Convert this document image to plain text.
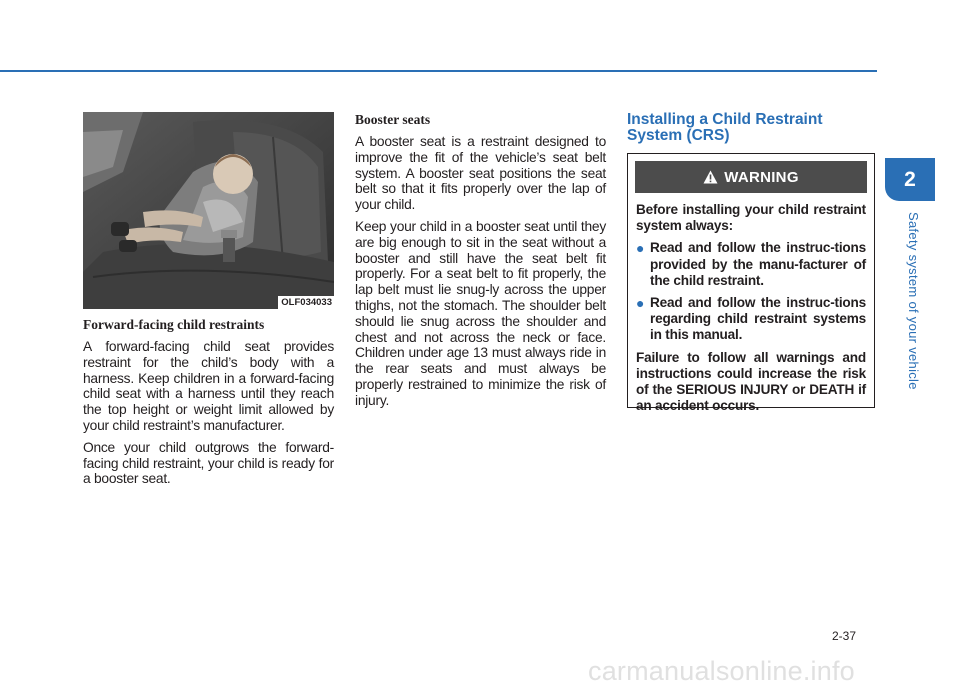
OLF034033
Forward-facing child restraints

A forward-facing child seat provides restraint for the child’s body with a harness. Keep children in a forward-facing child seat with a harness until they reach the top height or weight limit allowed by your child restraint’s manufacturer.

Once your child outgrows the forward-facing child restraint, your child is ready for a booster seat.

Booster seats

A booster seat is a restraint designed to improve the fit of the vehicle’s seat belt system. A booster seat positions the seat belt so that it fits properly over the lap of your child.

Keep your child in a booster seat until they are big enough to sit in the seat without a booster and still have the seat belt fit properly. For a seat belt to fit properly, the lap belt must lie snug-ly across the upper thighs, not the stomach. The shoulder belt should lie snug across the shoulder and chest and not across the neck or face. Children under age 13 must always ride in the rear seats and must always be properly restrained to minimize the risk of injury.

Installing a Child Restraint System (CRS)
WARNING

Before installing your child restraint system always:

● Read and follow the instruc-tions provided by the manu-facturer of the child restraint.
● Read and follow the instruc-tions regarding child restraint systems in this manual.

Failure to follow all warnings and instructions could increase the risk of the SERIOUS INJURY or DEATH if an accident occurs.

2
Safety system of your vehicle
2-37
carmanualsonline.info
